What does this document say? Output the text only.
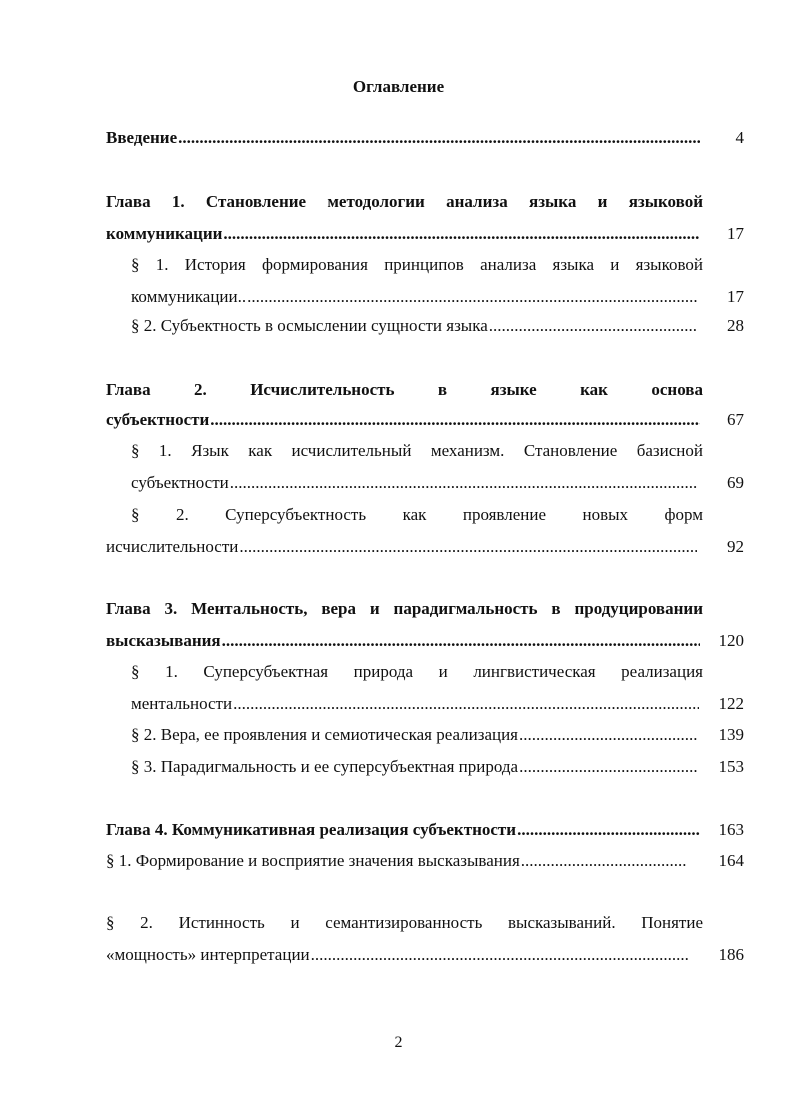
Оглавление
Введение .....	4
Глава 1. Становление методологии анализа языка и языковой
коммуникации .....	17
§ 1. История формирования принципов анализа языка и языковой
коммуникации.. .....	17
§ 2. Субъектность в осмыслении сущности языка .....	28
Глава 2. Исчислительность в языке как основа
субъектности .....	67
§ 1. Язык как исчислительный механизм. Становление базисной
субъектности .....	69
§ 2. Суперсубъектность как проявление новых форм
исчислительности .....	92
Глава 3. Ментальность, вера и парадигмальность в продуцировании
высказывания .....	120
§ 1. Суперсубъектная природа и лингвистическая реализация
ментальности .....	122
§ 2. Вера, ее проявления и семиотическая реализация .....	139
§ 3. Парадигмальность и ее суперсубъектная природа .....	153
Глава 4. Коммуникативная реализация субъектности .....	163
§ 1. Формирование и восприятие значения высказывания .....	164
§ 2. Истинность и семантизированность высказываний. Понятие
«мощность» интерпретации .....	186
2
